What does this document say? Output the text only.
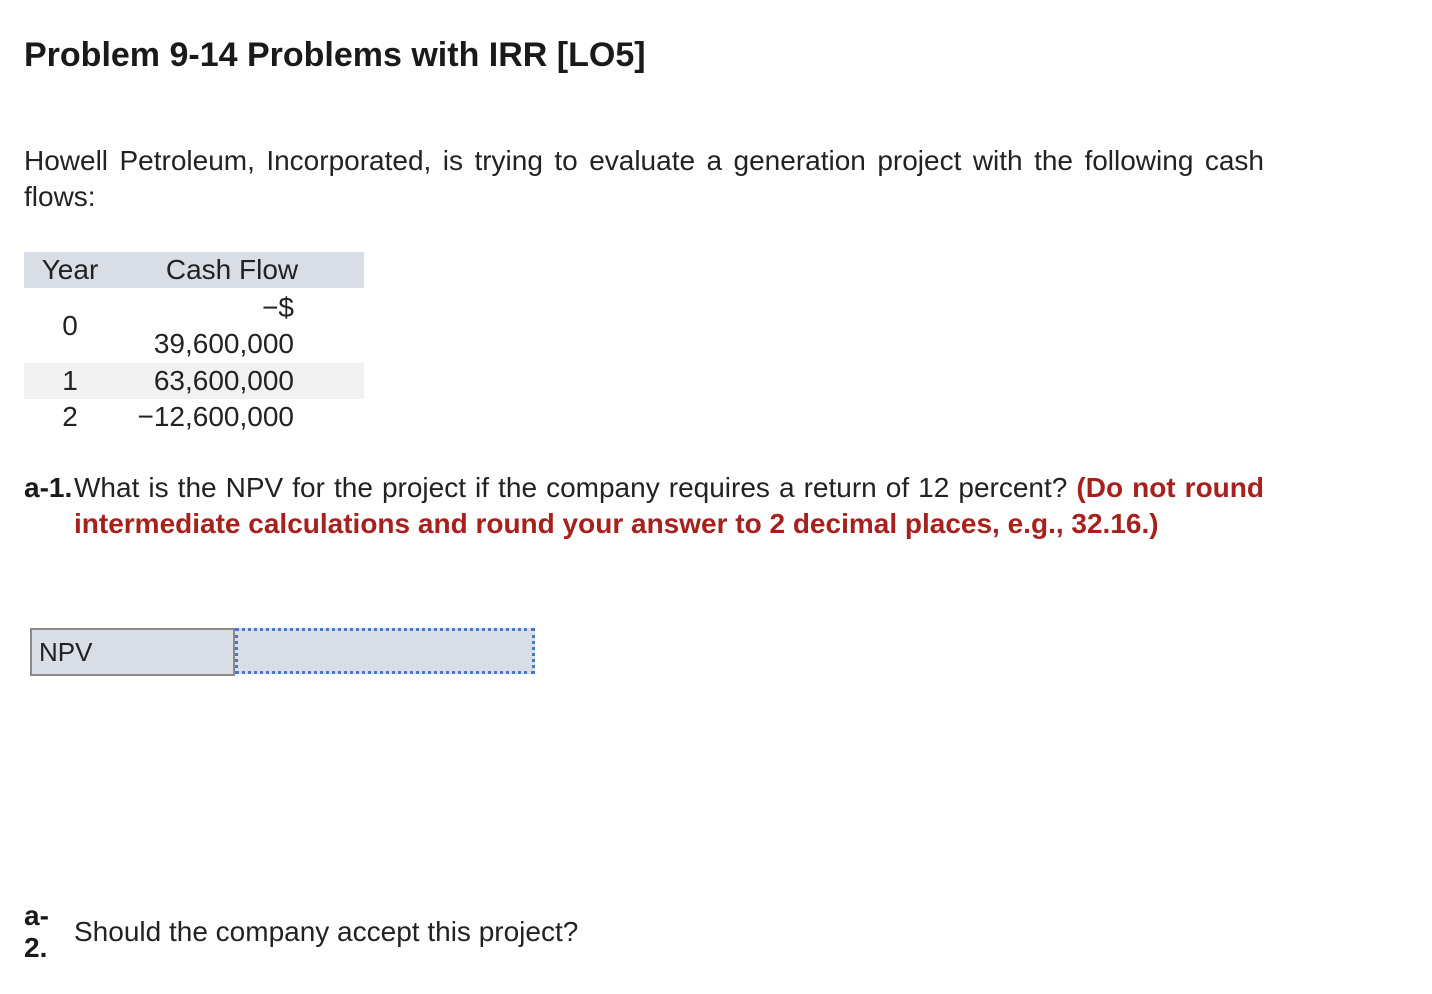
Problem 9-14 Problems with IRR [LO5]

Howell Petroleum, Incorporated, is trying to evaluate a generation project with the following cash flows:

Year	Cash Flow
0	−$
39,600,000

1	63,600,000
2	−12,600,000
a-1. What is the NPV for the project if the company requires a return of 12 percent? (Do not round intermediate calculations and round your answer to 2 decimal places, e.g., 32.16.)
NPV
a-
2.
Should the company accept this project?
